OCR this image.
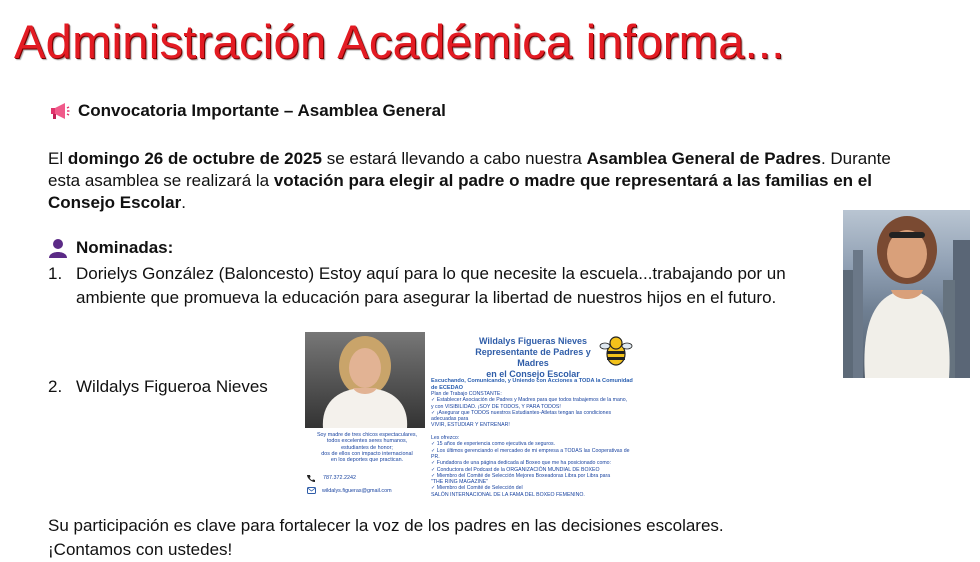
Administración Académica informa...
Convocatoria Importante – Asamblea General
El domingo 26 de octubre de 2025 se estará llevando a cabo nuestra Asamblea General de Padres. Durante esta asamblea se realizará la votación para elegir al padre o madre que representará a las familias en el Consejo Escolar.
Nominadas:
1. Dorielys González (Baloncesto) Estoy aquí para lo que necesite la escuela...trabajando por un ambiente que promueva la educación para asegurar la libertad de nuestros hijos en el futuro.
2. Wildalys Figueroa Nieves
Wildalys Figueras Nieves
Representante de Padres y Madres
en el Consejo Escolar
Escuchando, Comunicando, y Uniendo con Acciones a TODA la Comunidad de ECEDAO
Plan de Trabajo CONSTANTE:
✓ Establecer Asociación de Padres y Madres para que todos trabajemos de la mano,
y con VISIBILIDAD. ¡SOY DE TODOS, Y PARA TODOS!
✓ ¡Asegurar que TODOS nuestros Estudiantes-Atletas tengan las condiciones adecuadas para
VIVIR, ESTUDIAR Y ENTRENAR!

Les ofrezco:
✓ 15 años de experiencia como ejecutiva de seguros.
✓ Los últimos gerenciando el mercadeo de mi empresa a TODAS las Cooperativas de PR.
✓ Fundadora de una página dedicada al Boxeo que me ha posicionado como:
✓ Conductora del Podcast de la ORGANIZACIÓN MUNDIAL DE BOXEO
✓ Miembro del Comité de Selección Mejores Boxeadoras Libra por Libra para
"THE RING MAGAZINE"
✓ Miembro del Comité de Selección del
SALÓN INTERNACIONAL DE LA FAMA DEL BOXEO FEMENINO.
Soy madre de tres chicos espectaculares,
todos excelentes seres humanos,
estudiantes de honor;
dos de ellos con impacto internacional
en los deportes que practican.
787.372.2242
wildalys.figueras@gmail.com
Su participación es clave para fortalecer la voz de los padres en las decisiones escolares.
¡Contamos con ustedes!
